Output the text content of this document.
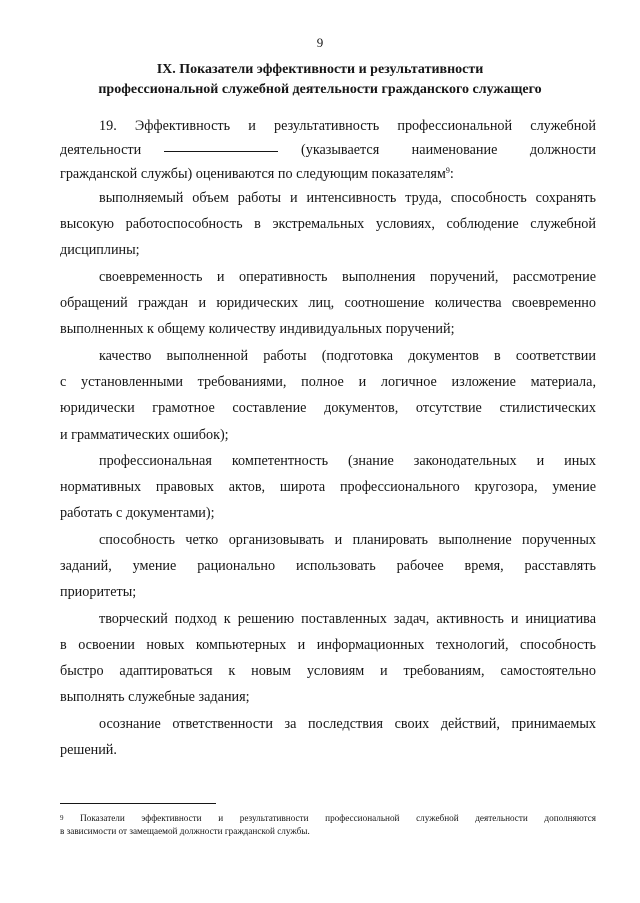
9
IX. Показатели эффективности и результативности
профессиональной служебной деятельности гражданского служащего
19. Эффективность и результативность профессиональной служебной
деятельности	(указывается наименование должности
гражданской службы) оцениваются по следующим показателям$^9$:
выполняемый объем работы и интенсивность труда, способность сохранять
высокую работоспособность в экстремальных условиях, соблюдение служебной
дисциплины;
своевременность и оперативность выполнения поручений, рассмотрение
обращений граждан и юридических лиц, соотношение количества своевременно
выполненных к общему количеству индивидуальных поручений;
качество выполненной работы (подготовка документов в соответствии
с установленными требованиями, полное и логичное изложение материала,
юридически грамотное составление документов, отсутствие стилистических
и грамматических ошибок);
профессиональная компетентность (знание законодательных и иных
нормативных правовых актов, широта профессионального кругозора, умение
работать с документами);
способность четко организовывать и планировать выполнение порученных
заданий, умение рационально использовать рабочее время, расставлять
приоритеты;
творческий подход к решению поставленных задач, активность и инициатива
в освоении новых компьютерных и информационных технологий, способность
быстро адаптироваться к новым условиям и требованиям, самостоятельно
выполнять служебные задания;
осознание ответственности за последствия своих действий, принимаемых
решений.
$^9$ Показатели эффективности и результативности профессиональной служебной деятельности дополняются
в зависимости от замещаемой должности гражданской службы.
